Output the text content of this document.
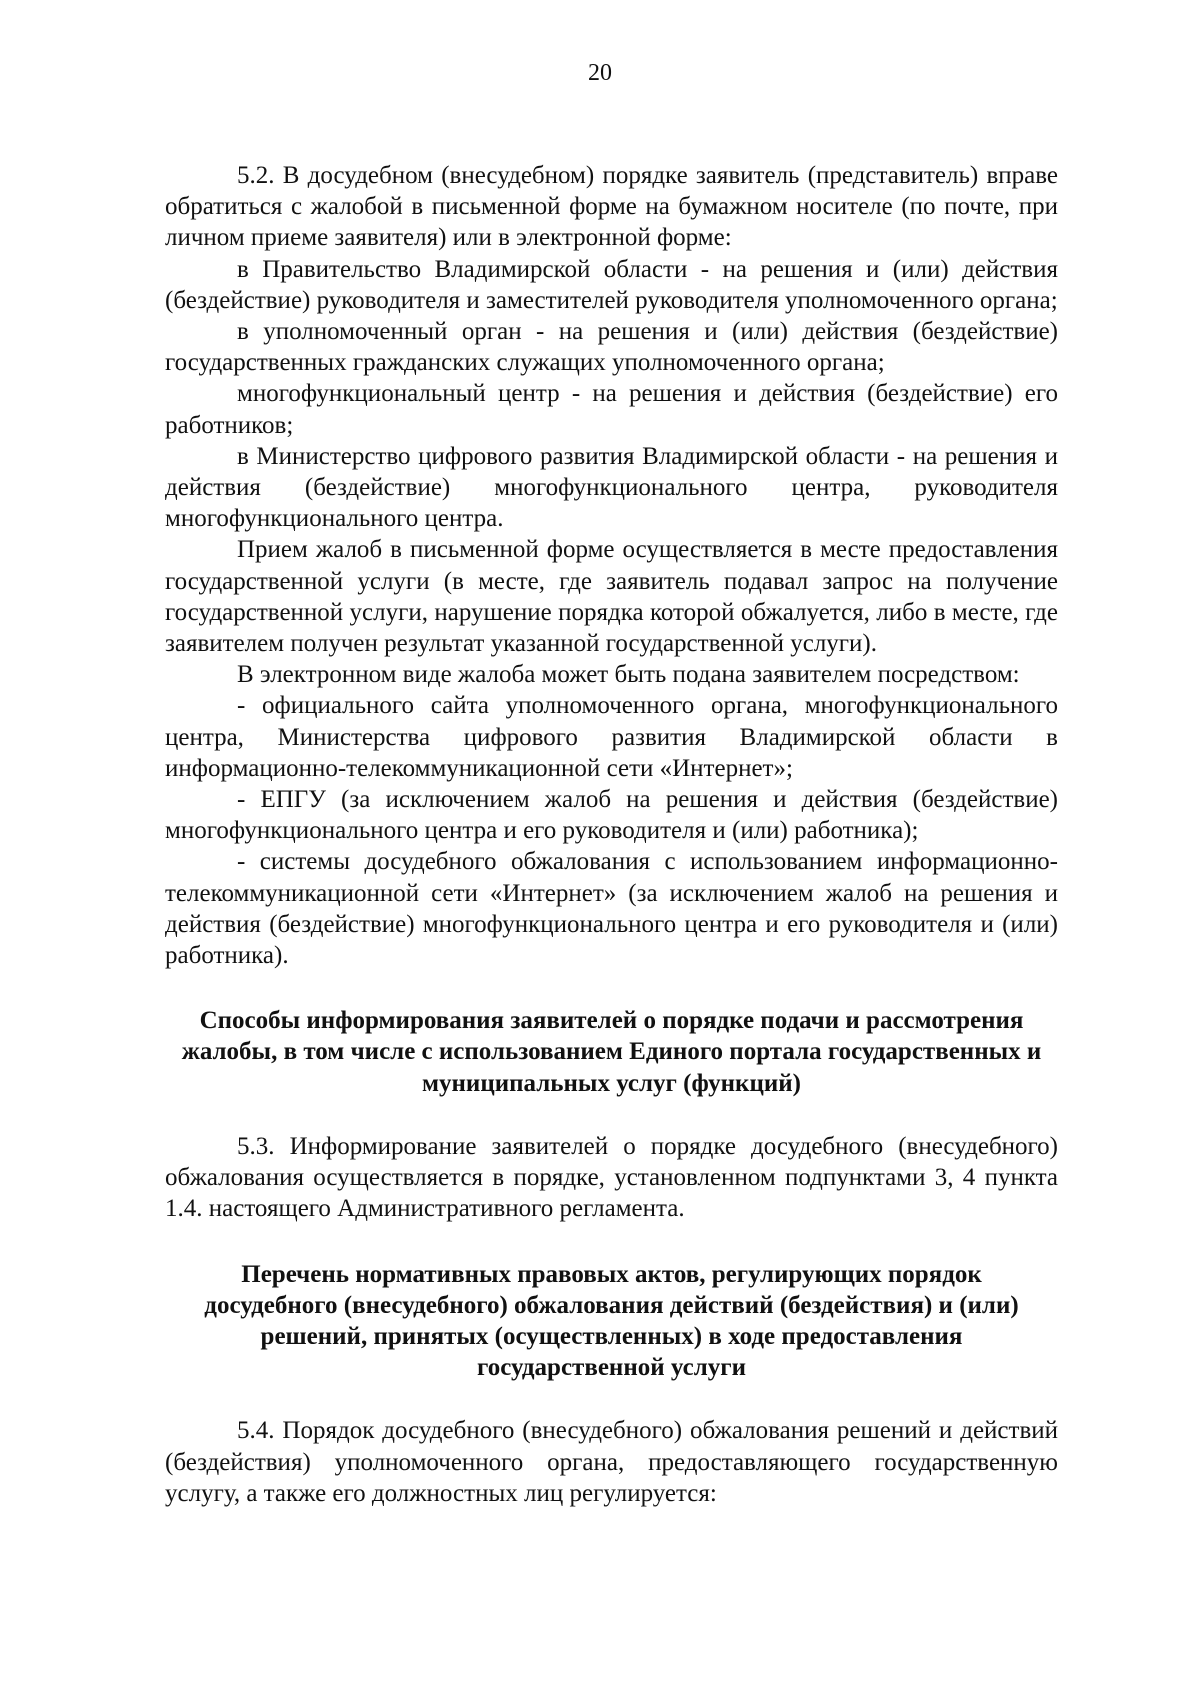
20

5.2. В досудебном (внесудебном) порядке заявитель (представитель) вправе обратиться с жалобой в письменной форме на бумажном носителе (по почте, при личном приеме заявителя) или в электронной форме:

в Правительство Владимирской области - на решения и (или) действия (бездействие) руководителя и заместителей руководителя уполномоченного органа;

в уполномоченный орган - на решения и (или) действия (бездействие) государственных гражданских служащих уполномоченного органа;

многофункциональный центр - на решения и действия (бездействие) его работников;

в Министерство цифрового развития Владимирской области - на решения и действия (бездействие) многофункционального центра, руководителя многофункционального центра.

Прием жалоб в письменной форме осуществляется в месте предоставления государственной услуги (в месте, где заявитель подавал запрос на получение государственной услуги, нарушение порядка которой обжалуется, либо в месте, где заявителем получен результат указанной государственной услуги).

В электронном виде жалоба может быть подана заявителем посредством:

- официального сайта уполномоченного органа, многофункционального центра, Министерства цифрового развития Владимирской области в информационно-телекоммуникационной сети «Интернет»;

- ЕПГУ (за исключением жалоб на решения и действия (бездействие) многофункционального центра и его руководителя и (или) работника);

- системы досудебного обжалования с использованием информационно-телекоммуникационной сети «Интернет» (за исключением жалоб на решения и действия (бездействие) многофункционального центра и его руководителя и (или) работника).

Способы информирования заявителей о порядке подачи и рассмотрения жалобы, в том числе с использованием Единого портала государственных и муниципальных услуг (функций)

5.3. Информирование заявителей о порядке досудебного (внесудебного) обжалования осуществляется в порядке, установленном подпунктами 3, 4 пункта 1.4. настоящего Административного регламента.

Перечень нормативных правовых актов, регулирующих порядок досудебного (внесудебного) обжалования действий (бездействия) и (или) решений, принятых (осуществленных) в ходе предоставления государственной услуги

5.4. Порядок досудебного (внесудебного) обжалования решений и действий (бездействия) уполномоченного органа, предоставляющего государственную услугу, а также его должностных лиц регулируется:
